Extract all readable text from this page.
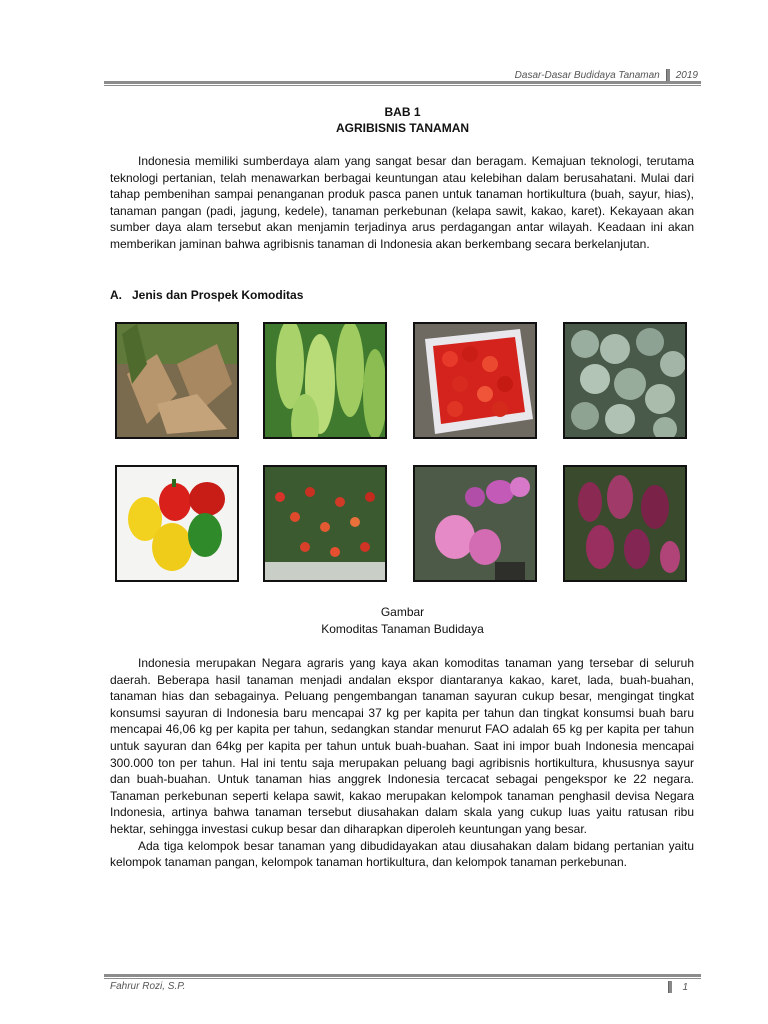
Dasar-Dasar Budidaya Tanaman 2019
BAB 1
AGRIBISNIS TANAMAN

Indonesia memiliki sumberdaya alam yang sangat besar dan beragam. Kemajuan teknologi, terutama teknologi pertanian, telah menawarkan berbagai keuntungan atau kelebihan dalam berusahatani. Mulai dari tahap pembenihan sampai penanganan produk pasca panen untuk tanaman hortikultura (buah, sayur, hias), tanaman pangan (padi, jagung, kedele), tanaman perkebunan (kelapa sawit, kakao, karet). Kekayaan akan sumber daya alam tersebut akan menjamin terjadinya arus perdagangan antar wilayah. Keadaan ini akan memberikan jaminan bahwa agribisnis tanaman di Indonesia akan berkembang secara berkelanjutan.

A. Jenis dan Prospek Komoditas
Gambar
Komoditas Tanaman Budidaya

Indonesia merupakan Negara agraris yang kaya akan komoditas tanaman yang tersebar di seluruh daerah. Beberapa hasil tanaman menjadi andalan ekspor diantaranya kakao, karet, lada, buah-buahan, tanaman hias dan sebagainya. Peluang pengembangan tanaman sayuran cukup besar, mengingat tingkat konsumsi sayuran di Indonesia baru mencapai 37 kg per kapita per tahun dan tingkat konsumsi buah baru mencapai 46,06 kg per kapita per tahun, sedangkan standar menurut FAO adalah 65 kg per kapita per tahun untuk sayuran dan 64kg per kapita per tahun untuk buah-buahan. Saat ini impor buah Indonesia mencapai 300.000 ton per tahun. Hal ini tentu saja merupakan peluang bagi agribisnis hortikultura, khususnya sayur dan buah-buahan. Untuk tanaman hias anggrek Indonesia tercacat sebagai pengekspor ke 22 negara. Tanaman perkebunan seperti kelapa sawit, kakao merupakan kelompok tanaman penghasil devisa Negara Indonesia, artinya bahwa tanaman tersebut diusahakan dalam skala yang cukup luas yaitu ratusan ribu hektar, sehingga investasi cukup besar dan diharapkan diperoleh keuntungan yang besar.

Ada tiga kelompok besar tanaman yang dibudidayakan atau diusahakan dalam bidang pertanian yaitu kelompok tanaman pangan, kelompok tanaman hortikultura, dan kelompok tanaman perkebunan.

Fahrur Rozi, S.P.	1
